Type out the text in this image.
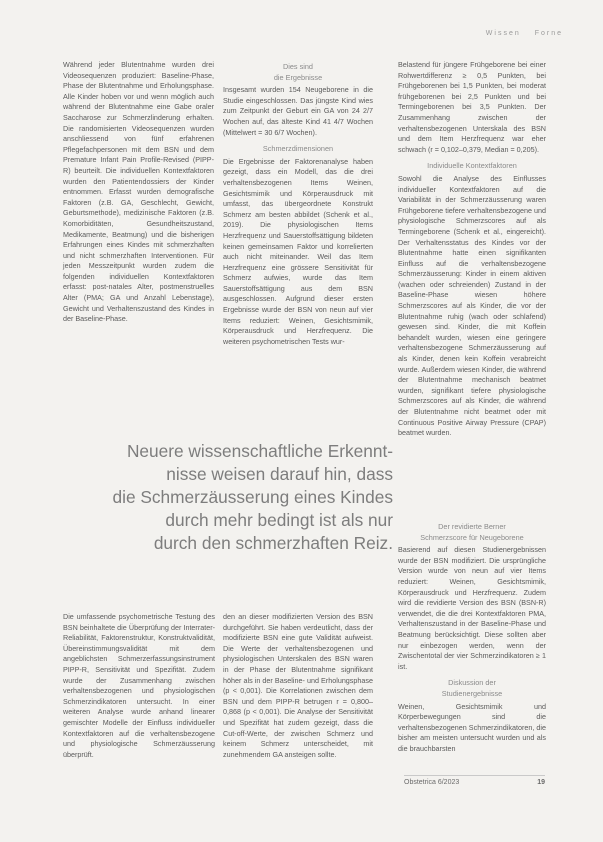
Wissen Forne

Während jeder Blutentnahme wurden drei Videosequenzen produziert: Baseline-Phase, Phase der Blutentnahme und Erholungsphase. Alle Kinder hoben vor und wenn möglich auch während der Blutentnahme eine Gabe oraler Saccharose zur Schmerzlinderung erhalten. Die randomisierten Videosequenzen wurden anschliessend von fünf erfahrenen Pflegefachpersonen mit dem BSN und dem Premature Infant Pain Profile-Revised (PIPP-R) beurteilt. Die individuellen Kontextfaktoren wurden den Patientendossiers der Kinder entnommen. Erfasst wurden demografische Faktoren (z.B. GA, Geschlecht, Gewicht, Geburtsmethode), medizinische Faktoren (z.B. Komorbiditäten, Gesundheitszustand, Medikamente, Beatmung) und die bisherigen Erfahrungen eines Kindes mit schmerzhaften und nicht schmerzhaften Interventionen. Für jeden Messzeitpunkt wurden zudem die folgenden individuellen Kontextfaktoren erfasst: post-natales Alter, postmenstruelles Alter (PMA; GA und Anzahl Lebenstage), Gewicht und Verhaltenszustand des Kindes in der Baseline-Phase.

Dies sind
die Ergebnisse

Insgesamt wurden 154 Neugeborene in die Studie eingeschlossen. Das jüngste Kind wies zum Zeitpunkt der Geburt ein GA von 24 2/7 Wochen auf, das älteste Kind 41 4/7 Wochen (Mittelwert = 30 6/7 Wochen).

Schmerzdimensionen

Die Ergebnisse der Faktorenanalyse haben gezeigt, dass ein Modell, das die drei verhaltensbezogenen Items Weinen, Gesichtsmimik und Körperausdruck mit umfasst, das übergeordnete Konstrukt Schmerz am besten abbildet (Schenk et al., 2019). Die physiologischen Items Herzfrequenz und Sauerstoffsättigung bildeten keinen gemeinsamen Faktor und korrelierten auch nicht miteinander. Weil das Item Herzfrequenz eine grössere Sensitivität für Schmerz aufwies, wurde das Item Sauerstoffsättigung aus dem BSN ausgeschlossen. Aufgrund dieser ersten Ergebnisse wurde der BSN von neun auf vier Items reduziert: Weinen, Gesichtsmimik, Körperausdruck und Herzfrequenz. Die weiteren psychometrischen Tests wur-

Belastend für jüngere Frühgeborene bei einer Rohwertdifferenz ≥ 0,5 Punkten, bei Frühgeborenen bei 1,5 Punkten, bei moderat frühgeborenen bei 2,5 Punkten und bei Termingeborenen bei 3,5 Punkten. Der Zusammenhang zwischen der verhaltensbezogenen Unterskala des BSN und dem Item Herzfrequenz war eher schwach (r = 0,102–0,379, Median = 0,205).

Individuelle Kontextfaktoren

Sowohl die Analyse des Einflusses individueller Kontextfaktoren auf die Variabilität in der Schmerzäusserung waren Frühgeborene tiefere verhaltensbezogene und physiologische Schmerzscores auf als Termingeborene (Schenk et al., eingereicht). Der Verhaltensstatus des Kindes vor der Blutentnahme hatte einen signifikanten Einfluss auf die verhaltensbezogene Schmerzäusserung: Kinder in einem aktiven (wachen oder schreienden) Zustand in der Baseline-Phase wiesen höhere Schmerzscores auf als Kinder, die vor der Blutentnahme ruhig (wach oder schlafend) gewesen sind. Kinder, die mit Koffein behandelt wurden, wiesen eine geringere verhaltensbezogene Schmerzäusserung auf als Kinder, denen kein Koffein verabreicht wurde. Außerdem wiesen Kinder, die während der Blutentnahme mechanisch beatmet wurden, signifikant tiefere physiologische Schmerzscores auf als Kinder, die während der Blutentnahme nicht beatmet oder mit Continuous Positive Airway Pressure (CPAP) beatmet wurden.

Neuere wissenschaftliche Erkennt-
nisse weisen darauf hin, dass
die Schmerzäusserung eines Kindes
durch mehr bedingt ist als nur
durch den schmerzhaften Reiz.

Die umfassende psychometrische Testung des BSN beinhaltete die Überprüfung der Interrater-Reliabilität, Faktorenstruktur, Konstruktvalidität, Übereinstimmungsvalidität mit dem angeblichsten Schmerzerfassungsinstrument PIPP-R, Sensitivität und Spezifität. Zudem wurde der Zusammenhang zwischen verhaltensbezogenen und physiologischen Schmerzindikatoren untersucht. In einer weiteren Analyse wurde anhand linearer gemischter Modelle der Einfluss individueller Kontextfaktoren auf die verhaltensbezogene und physiologische Schmerzäusserung überprüft.

den an dieser modifizierten Version des BSN durchgeführt. Sie haben verdeutlicht, dass der modifizierte BSN eine gute Validität aufweist. Die Werte der verhaltensbezogenen und physiologischen Unterskalen des BSN waren in der Phase der Blutentnahme signifikant höher als in der Baseline- und Erholungsphase (p < 0,001). Die Korrelationen zwischen dem BSN und dem PIPP-R betrugen r = 0,800–0,868 (p < 0,001). Die Analyse der Sensitivität und Spezifität hat zudem gezeigt, dass die Cut-off-Werte, der zwischen Schmerz und keinem Schmerz unterscheidet, mit zunehmendem GA ansteigen sollte.

Der revidierte Berner
Schmerzscore für Neugeborene

Basierend auf diesen Studienergebnissen wurde der BSN modifiziert. Die ursprüngliche Version wurde von neun auf vier Items reduziert: Weinen, Gesichtsmimik, Körperausdruck und Herzfrequenz. Zudem wird die revidierte Version des BSN (BSN-R) verwendet, die die drei Kontextfaktoren PMA, Verhaltenszustand in der Baseline-Phase und Beatmung berücksichtigt. Diese sollten aber nur einbezogen werden, wenn der Zwischentotal der vier Schmerzindikatoren ≥ 1 ist.

Diskussion der
Studienergebnisse

Weinen, Gesichtsmimik und Körperbewegungen sind die verhaltensbezogenen Schmerzindikatoren, die bisher am meisten untersucht wurden und als die brauchbarsten

Obstetrica 6/2023	19
